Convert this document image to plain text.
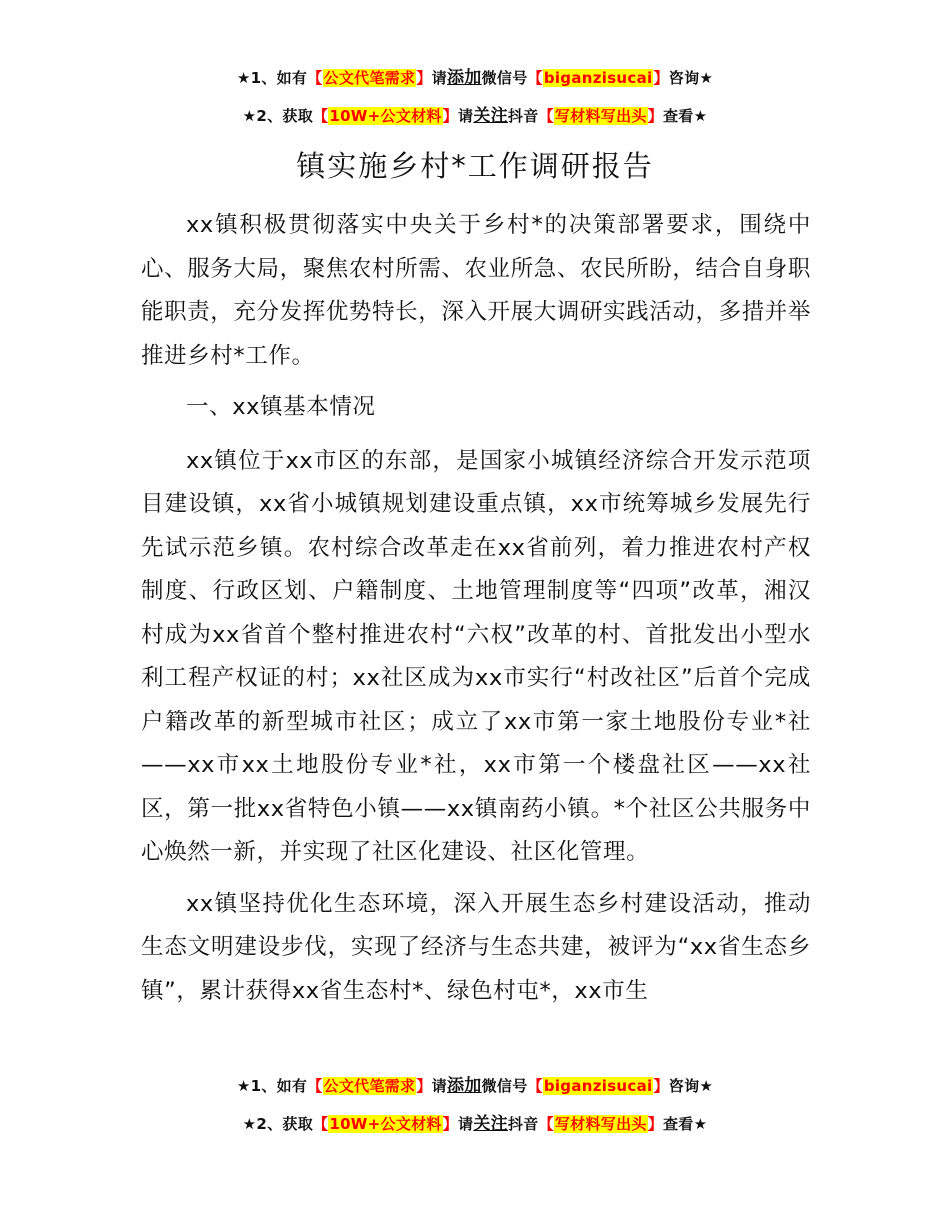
★1、如有【公文代笔需求】请添加微信号【biganzisucai】咨询★
★2、获取【10W+公文材料】请关注抖音【写材料写出头】查看★
镇实施乡村*工作调研报告

xx镇积极贯彻落实中央关于乡村*的决策部署要求，围绕中心、服务大局，聚焦农村所需、农业所急、农民所盼，结合自身职能职责，充分发挥优势特长，深入开展大调研实践活动，多措并举推进乡村*工作。

一、xx镇基本情况

xx镇位于xx市区的东部，是国家小城镇经济综合开发示范项目建设镇，xx省小城镇规划建设重点镇，xx市统筹城乡发展先行先试示范乡镇。农村综合改革走在xx省前列，着力推进农村产权制度、行政区划、户籍制度、土地管理制度等“四项”改革，湘汉村成为xx省首个整村推进农村“六权”改革的村、首批发出小型水利工程产权证的村；xx社区成为xx市实行“村改社区”后首个完成户籍改革的新型城市社区；成立了xx市第一家土地股份专业*社——xx市xx土地股份专业*社，xx市第一个楼盘社区——xx社区，第一批xx省特色小镇——xx镇南药小镇。*个社区公共服务中心焕然一新，并实现了社区化建设、社区化管理。

xx镇坚持优化生态环境，深入开展生态乡村建设活动，推动生态文明建设步伐，实现了经济与生态共建，被评为“xx省生态乡镇”，累计获得xx省生态村*、绿色村屯*，xx市生

★1、如有【公文代笔需求】请添加微信号【biganzisucai】咨询★
★2、获取【10W+公文材料】请关注抖音【写材料写出头】查看★
